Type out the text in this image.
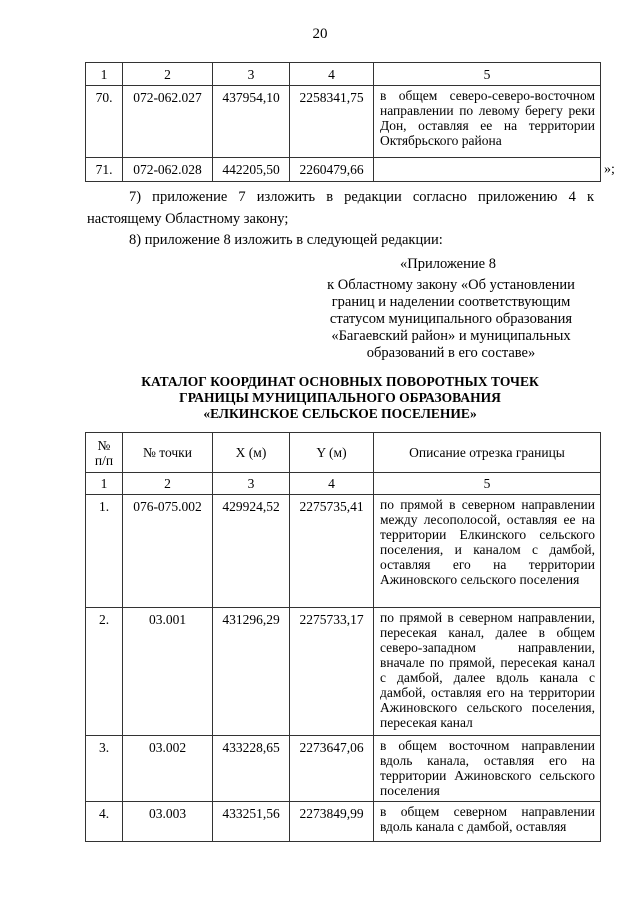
20
1	2	3	4	5
70.	072-062.027	437954,10	2258341,75	в общем северо-северо-восточном направлении по левому берегу реки Дон, оставляя ее на территории Октябрьского района
71.	072-062.028	442205,50	2260479,66		»;
7) приложение 7 изложить в редакции согласно приложению 4 к настоящему Областному закону;
8) приложение 8 изложить в следующей редакции:
«Приложение 8
к Областному закону «Об установлении
границ и наделении соответствующим
статусом муниципального образования
«Багаевский район» и муниципальных
образований в его составе»
КАТАЛОГ КООРДИНАТ ОСНОВНЫХ ПОВОРОТНЫХ ТОЧЕК
ГРАНИЦЫ МУНИЦИПАЛЬНОГО ОБРАЗОВАНИЯ
«ЕЛКИНСКОЕ СЕЛЬСКОЕ ПОСЕЛЕНИЕ»
№
п/п	№ точки	X (м)	Y (м)	Описание отрезка границы
1	2	3	4	5
1.	076-075.002	429924,52	2275735,41	по прямой в северном направлении между лесополосой, оставляя ее на территории Елкинского сельского поселения, и каналом с дамбой, оставляя его на территории Ажиновского сельского поселения
2.	03.001	431296,29	2275733,17	по прямой в северном направлении, пересекая канал, далее в общем северо-западном направлении, вначале по прямой, пересекая канал с дамбой, далее вдоль канала с дамбой, оставляя его на территории Ажиновского сельского поселения, пересекая канал
3.	03.002	433228,65	2273647,06	в общем восточном направлении вдоль канала, оставляя его на территории Ажиновского сельского поселения
4.	03.003	433251,56	2273849,99	в общем северном направлении вдоль канала с дамбой, оставляя
